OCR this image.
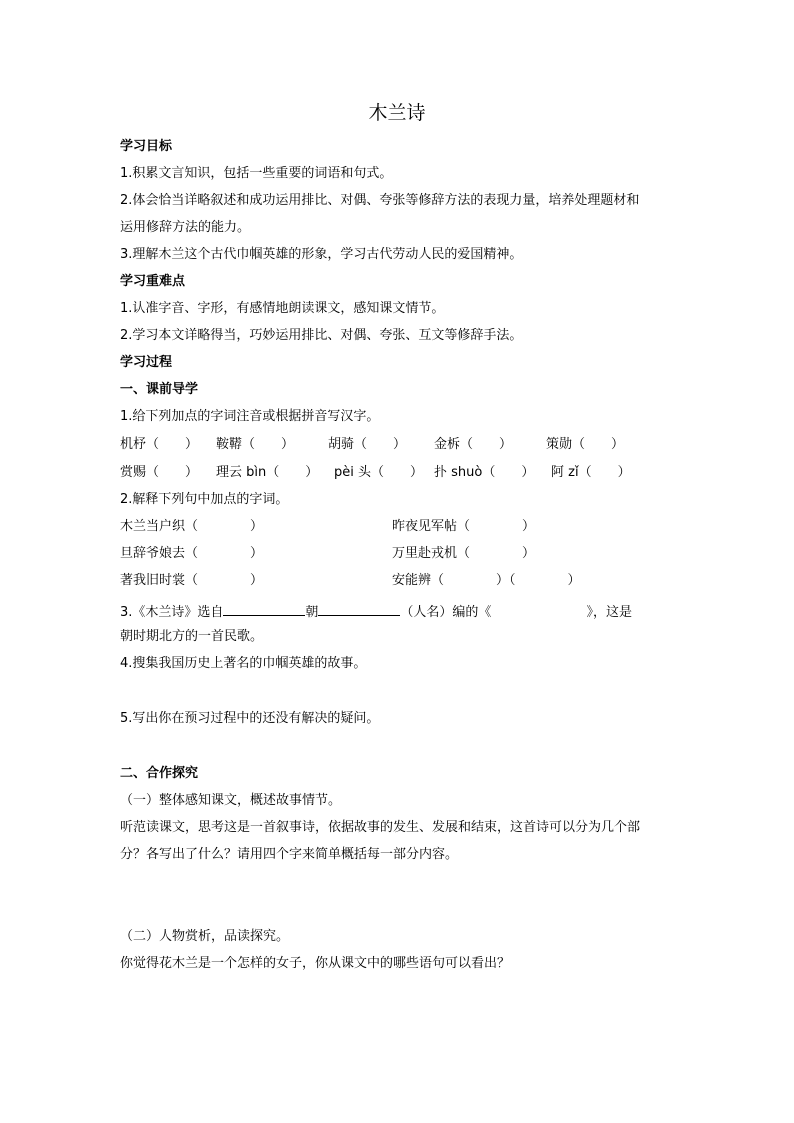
木兰诗
学习目标
1.积累文言知识，包括一些重要的词语和句式。
2.体会恰当详略叙述和成功运用排比、对偶、夸张等修辞方法的表现力量，培养处理题材和
运用修辞方法的能力。
3.理解木兰这个古代巾帼英雄的形象，学习古代劳动人民的爱国精神。
学习重难点
1.认准字音、字形，有感情地朗读课文，感知课文情节。
2.学习本文详略得当，巧妙运用排比、对偶、夸张、互文等修辞手法。
学习过程
一、课前导学
1.给下列加点的字词注音或根据拼音写汉字。
机杼（　　） 鞍鞯（　　）	胡骑（　　） 金柝（　　）	策勋（　　）
赏赐（　　） 理云 bìn（　　） pèi 头（　　） 扑 shuò（　　） 阿 zǐ（　　）
2.解释下列句中加点的字词。
木兰当户织（　　　　）	昨夜见军帖（　　　　）
旦辞爷娘去（　　　　）	万里赴戎机（　　　　）
著我旧时裳（　　　　）	安能辨（　　　　）（　　　　）
3.《木兰诗》选自	朝	（人名）编的《	》，这是
朝时期北方的一首民歌。
4.搜集我国历史上著名的巾帼英雄的故事。
5.写出你在预习过程中的还没有解决的疑问。
二、合作探究
（一）整体感知课文，概述故事情节。
听范读课文，思考这是一首叙事诗，依据故事的发生、发展和结束，这首诗可以分为几个部
分？各写出了什么？请用四个字来简单概括每一部分内容。
（二）人物赏析，品读探究。
你觉得花木兰是一个怎样的女子，你从课文中的哪些语句可以看出？
